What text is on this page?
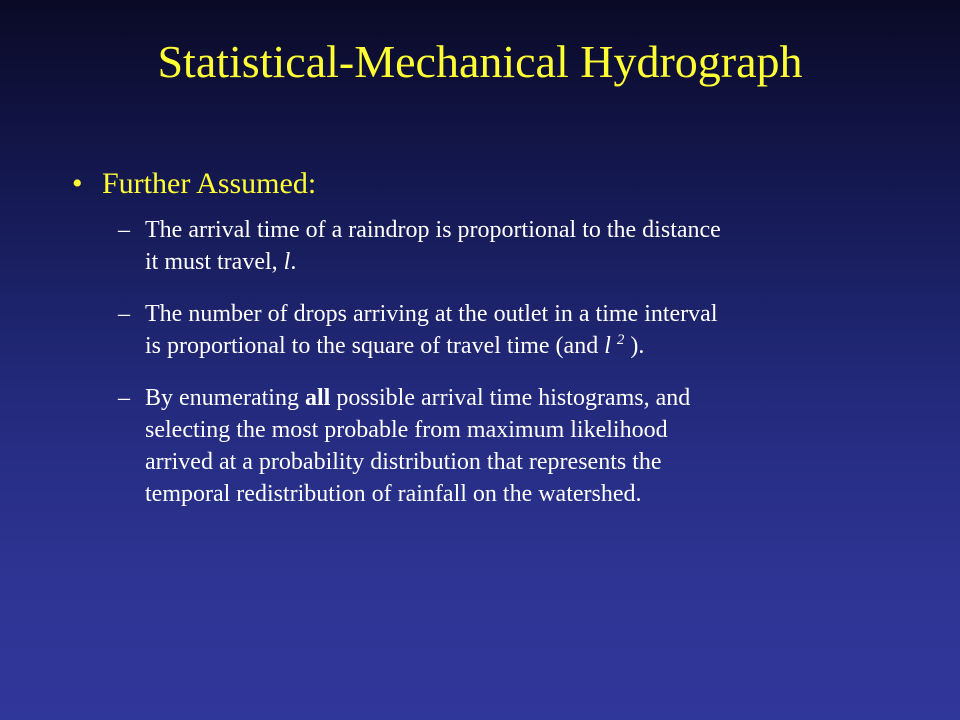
Statistical-Mechanical Hydrograph
• Further Assumed:
– The arrival time of a raindrop is proportional to the distance
it must travel, l.
– The number of drops arriving at the outlet in a time interval
is proportional to the square of travel time (and l $^2$ ).
– By enumerating all possible arrival time histograms, and
selecting the most probable from maximum likelihood
arrived at a probability distribution that represents the
temporal redistribution of rainfall on the watershed.
